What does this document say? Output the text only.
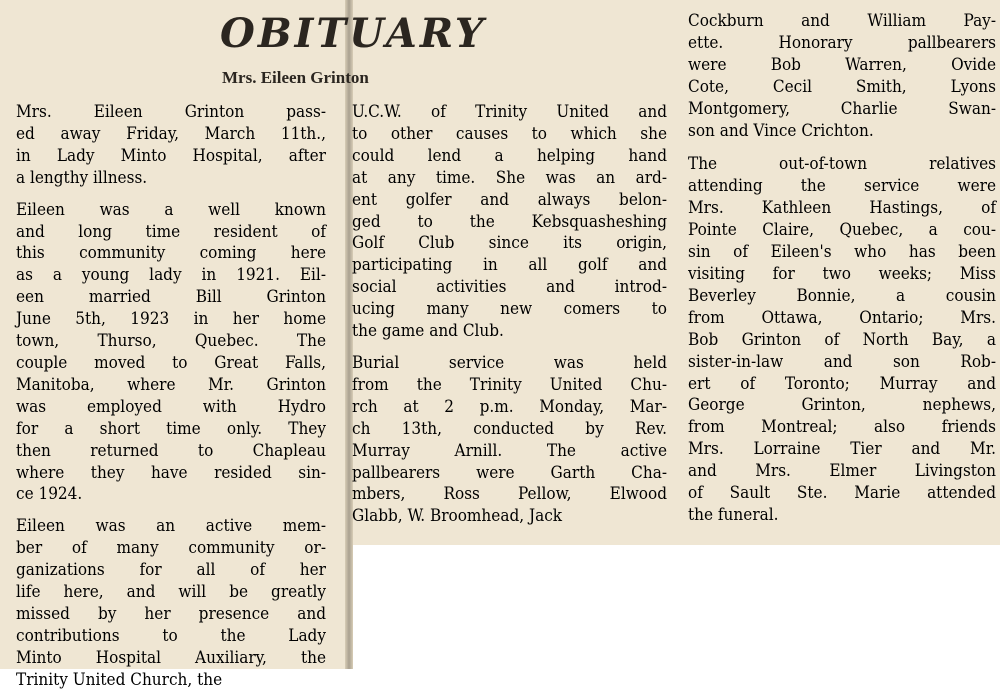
OBITUARY
Mrs. Eileen Grinton

Mrs. Eileen Grinton pass-
ed away Friday, March 11th.,
in Lady Minto Hospital, after
a lengthy illness.

Eileen was a well known
and long time resident of
this community coming here
as a young lady in 1921. Eil-
een married Bill Grinton
June 5th, 1923 in her home
town, Thurso, Quebec. The
couple moved to Great Falls,
Manitoba, where Mr. Grinton
was employed with Hydro
for a short time only. They
then returned to Chapleau
where they have resided sin-
ce 1924.

Eileen was an active mem-
ber of many community or-
ganizations for all of her
life here, and will be greatly
missed by her presence and
contributions to the Lady
Minto Hospital Auxiliary, the
Trinity United Church, the

U.C.W. of Trinity United and
to other causes to which she
could lend a helping hand
at any time. She was an ard-
ent golfer and always belon-
ged to the Kebsquasheshing
Golf Club since its origin,
participating in all golf and
social activities and introd-
ucing many new comers to
the game and Club.

Burial service was held
from the Trinity United Chu-
rch at 2 p.m. Monday, Mar-
ch 13th, conducted by Rev.
Murray Arnill. The active
pallbearers were Garth Cha-
mbers, Ross Pellow, Elwood
Glabb, W. Broomhead, Jack

Cockburn and William Pay-
ette. Honorary pallbearers
were Bob Warren, Ovide
Cote, Cecil Smith, Lyons
Montgomery, Charlie Swan-
son and Vince Crichton.

The out-of-town relatives
attending the service were
Mrs. Kathleen Hastings, of
Pointe Claire, Quebec, a cou-
sin of Eileen's who has been
visiting for two weeks; Miss
Beverley Bonnie, a cousin
from Ottawa, Ontario; Mrs.
Bob Grinton of North Bay, a
sister-in-law and son Rob-
ert of Toronto; Murray and
George Grinton, nephews,
from Montreal; also friends
Mrs. Lorraine Tier and Mr.
and Mrs. Elmer Livingston
of Sault Ste. Marie attended
the funeral.
